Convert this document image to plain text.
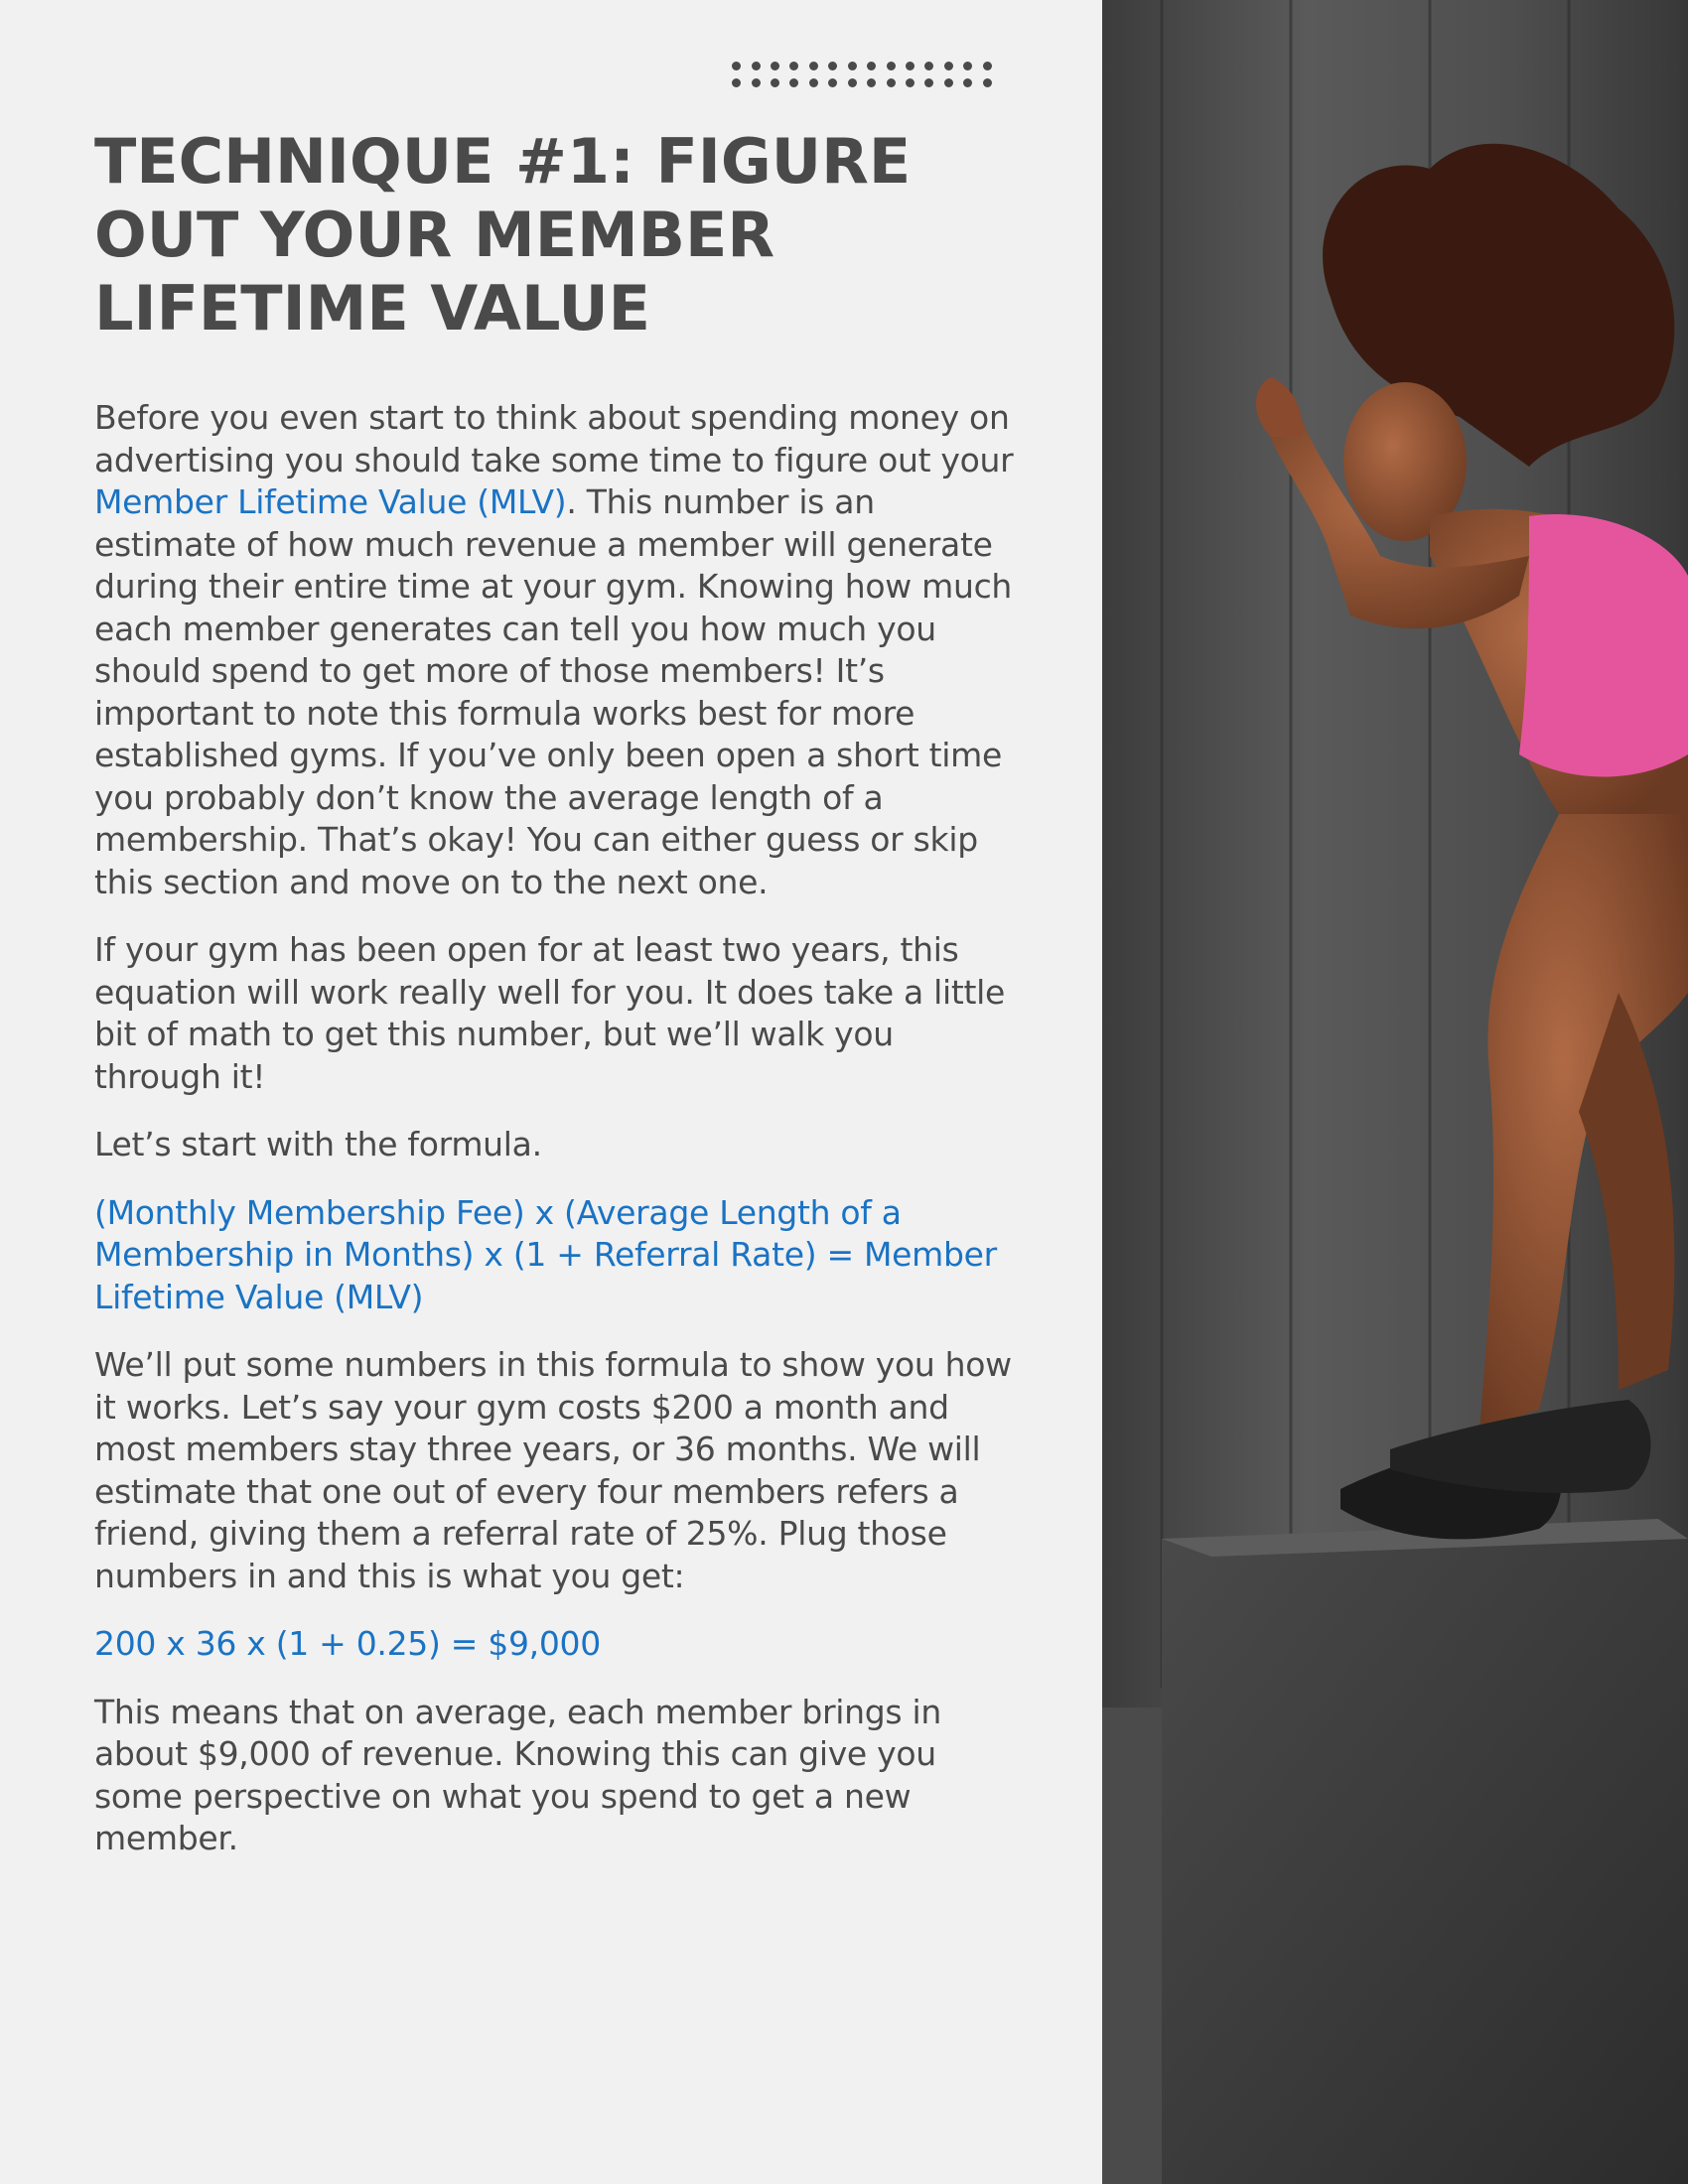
TECHNIQUE #1: FIGURE OUT YOUR MEMBER LIFETIME VALUE

Before you even start to think about spending money on advertising you should take some time to figure out your Member Lifetime Value (MLV). This number is an estimate of how much revenue a member will generate during their entire time at your gym. Knowing how much each member generates can tell you how much you should spend to get more of those members! It’s important to note this formula works best for more established gyms. If you’ve only been open a short time you probably don’t know the average length of a membership. That’s okay! You can either guess or skip this section and move on to the next one.

If your gym has been open for at least two years, this equation will work really well for you. It does take a little bit of math to get this number, but we’ll walk you through it!

Let’s start with the formula.

(Monthly Membership Fee) x (Average Length of a Membership in Months) x (1 + Referral Rate) = Member Lifetime Value (MLV)

We’ll put some numbers in this formula to show you how it works. Let’s say your gym costs $200 a month and most members stay three years, or 36 months. We will estimate that one out of every four members refers a friend, giving them a referral rate of 25%. Plug those numbers in and this is what you get:

200 x 36 x (1 + 0.25) = $9,000

This means that on average, each member brings in about $9,000 of revenue. Knowing this can give you some perspective on what you spend to get a new member.
